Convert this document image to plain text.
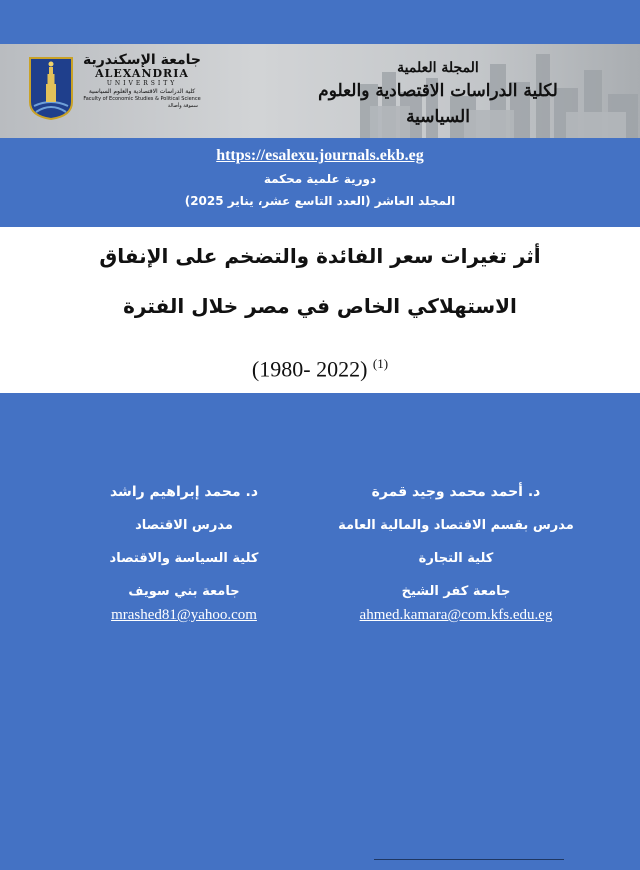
جامعة الإسكندرية
ALEXANDRIA
UNIVERSITY
كلية الدراسات الاقتصادية والعلوم السياسية
Faculty of Economic Studies & Political Science
سموقة وأصالة
المجلة العلمية
لكلية الدراسات الاقتصادية والعلوم السياسية
https://esalexu.journals.ekb.eg
دورية علمية محكمة
المجلد العاشر (العدد التاسع عشر، يناير 2025)
أثر تغيرات سعر الفائدة والتضخم على الإنفاق
الاستهلاكي الخاص في مصر خلال الفترة
(1980- 2022) $^{(1)}$
د. أحمد محمد وجيد قمرة
مدرس بقسم الاقتصاد والمالية العامة
كلية التجارة
جامعة كفر الشيخ
ahmed.kamara@com.kfs.edu.eg
د. محمد إبراهيم راشد
مدرس الاقتصاد
كلية السياسة والاقتصاد
جامعة بني سويف
mrashed81@yahoo.com
